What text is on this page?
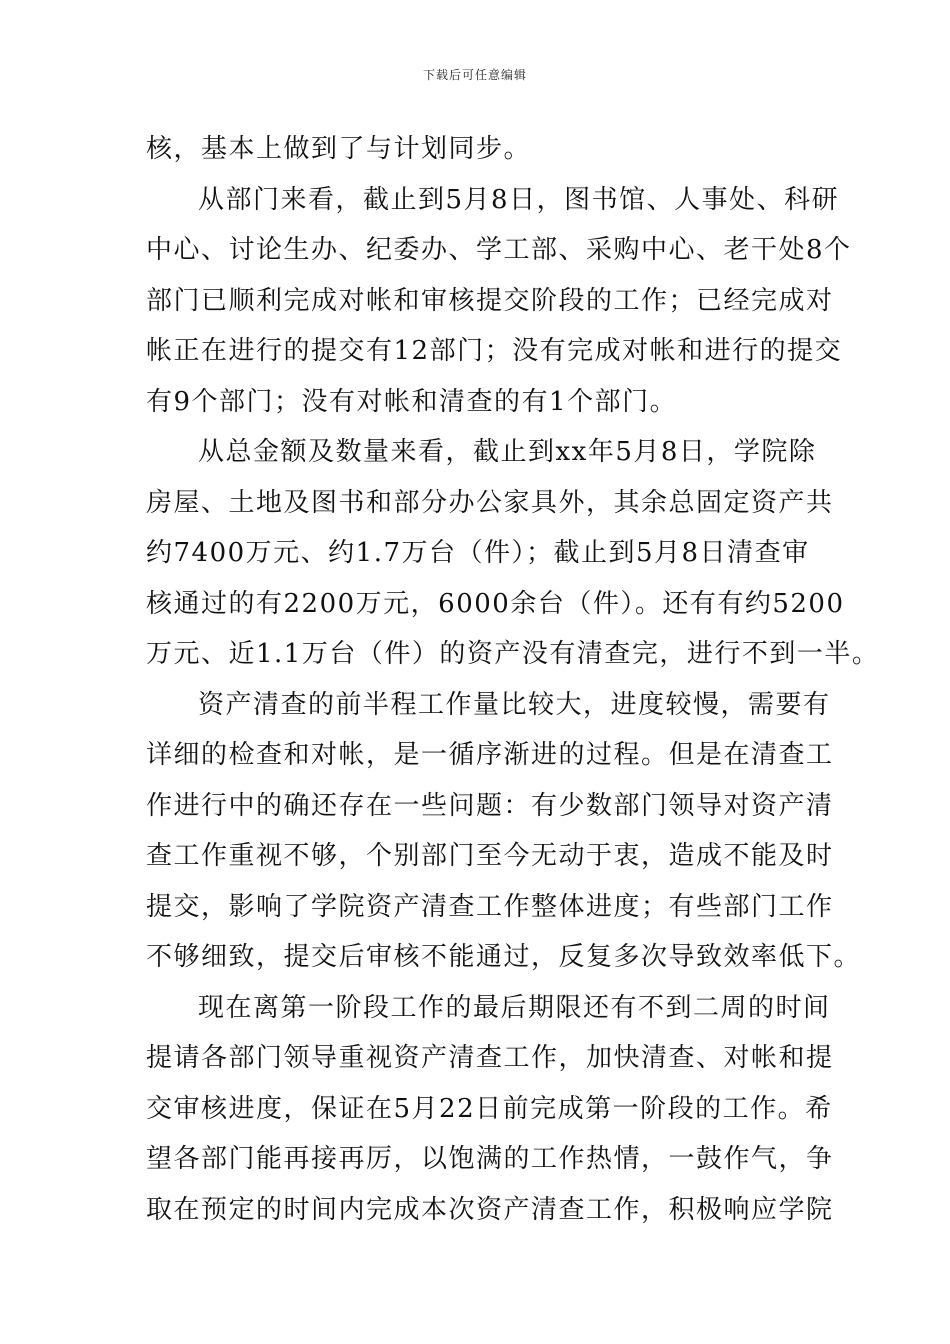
下载后可任意编辑
核，基本上做到了与计划同步。
从部门来看，截止到5月8日，图书馆、人事处、科研
中心、讨论生办、纪委办、学工部、采购中心、老干处8个
部门已顺利完成对帐和审核提交阶段的工作；已经完成对
帐正在进行的提交有12部门；没有完成对帐和进行的提交
有9个部门；没有对帐和清查的有1个部门。
从总金额及数量来看，截止到xx年5月8日，学院除
房屋、土地及图书和部分办公家具外，其余总固定资产共
约7400万元、约1.7万台（件）；截止到5月8日清查审
核通过的有2200万元，6000余台（件）。还有有约5200
万元、近1.1万台（件）的资产没有清查完，进行不到一半。
资产清查的前半程工作量比较大，进度较慢，需要有
详细的检查和对帐，是一循序渐进的过程。但是在清查工
作进行中的确还存在一些问题：有少数部门领导对资产清
查工作重视不够，个别部门至今无动于衷，造成不能及时
提交，影响了学院资产清查工作整体进度；有些部门工作
不够细致，提交后审核不能通过，反复多次导致效率低下。
现在离第一阶段工作的最后期限还有不到二周的时间
提请各部门领导重视资产清查工作，加快清查、对帐和提
交审核进度，保证在5月22日前完成第一阶段的工作。希
望各部门能再接再厉，以饱满的工作热情，一鼓作气，争
取在预定的时间内完成本次资产清查工作，积极响应学院
